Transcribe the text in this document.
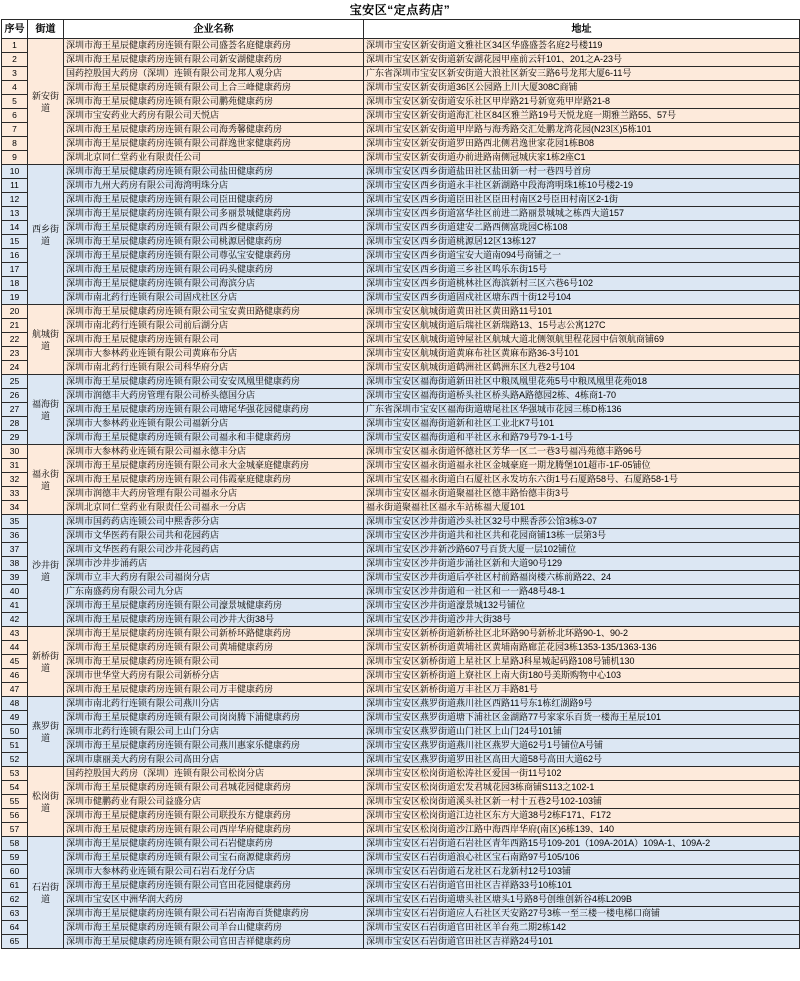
宝安区“定点药店”
序号	街道	企业名称	地址
1	新安街道	深圳市海王星辰健康药房连锁有限公司盛荟名庭健康药房	深圳市宝安区新安街道文雅社区34区华盛盛荟名庭2号楼119
2		深圳市海王星辰健康药房连锁有限公司新安湖健康药房	深圳市宝安区新安街道新安湖花园甲座前云轩101、201之A-23号
3		国药控股国大药房（深圳）连锁有限公司龙邦人观分店	广东省深圳市宝安区新安街道大浪社区新安三路6号龙邦大厦6-11号
4		深圳市海王星辰健康药房连锁有限公司上合三峰健康药房	深圳市宝安区新安街道36区公园路上川大厦308C商铺
5		深圳市海王星辰健康药房连锁有限公司鹏苑健康药房	深圳市宝安区新安街道安乐社区甲岸路21号新宽苑甲岸路21-8
6		深圳市宝安药业大药房有限公司天悦店	深圳市宝安区新安街道海汇社区84区雅兰路19号天悦龙庭一期雅兰路55、57号
7		深圳市海王星辰健康药房连锁有限公司海秀馨健康药房	深圳市宝安区新安街道甲岸路与海秀路交汇处鹏龙湾花园(N23区)5栋101
8		深圳市海王星辰健康药房连锁有限公司群逸世家健康药房	深圳市宝安区新安街道罗田路西北侧君逸世家花园1栋B08
9		深圳北京同仁堂药业有限责任公司	深圳市宝安区新安街道办前进路南侧冠城庆家1栋2座C1
10	西乡街道	深圳市海王星辰健康药房连锁有限公司盐田健康药房	深圳市宝安区西乡街道盐田社区盐田新一村一巷四号首房
11		深圳市九州大药房有限公司海湾明珠分店	深圳市宝安区西乡街道永丰社区新湖路中段海湾明珠1栋10号楼2-19
12		深圳市海王星辰健康药房连锁有限公司臣田健康药房	深圳市宝安区西乡街道臣田社区臣田村南区2号臣田村南区2-1街
13		深圳市海王星辰健康药房连锁有限公司多丽景城健康药房	深圳市宝安区西乡街道富华社区前进二路丽景城城之栋西大道157
14		深圳市海王星辰健康药房连锁有限公司西乡健康药房	深圳市宝安区西乡街道建安二路西侧富珑园C栋108
15		深圳市海王星辰健康药房连锁有限公司桃源居健康药房	深圳市宝安区西乡街道桃源居12区13栋127
16		深圳市海王星辰健康药房连锁有限公司尊弘宝安健康药房	深圳市宝安区西乡街道宝安大道南094号商铺之一
17		深圳市海王星辰健康药房连锁有限公司码头健康药房	深圳市宝安区西乡街道三乡社区鸣乐东街15号
18		深圳市海王星辰健康药房连锁有限公司海滨分店	深圳市宝安区西乡街道桃林社区海滨新村三区六巷6号102
19		深圳市南北药行连锁有限公司固戍社区分店	深圳市宝安区西乡街道固戍社区塘东西十街12号104
20	航城街道	深圳市海王星辰健康药房连锁有限公司宝安黄田路健康药房	深圳市宝安区航城街道黄田社区黄田路11号101
21		深圳市南北药行连锁有限公司前后湖分店	深圳市宝安区航城街道后瑞社区新瑞路13、15号志公寓127C
22		深圳市海王星辰健康药房连锁有限公司	深圳市宝安区航城街道钟屋社区航城大道北侧领航里程花园中信领航商铺69
23		深圳市大参林药业连锁有限公司黄麻布分店	深圳市宝安区航城街道黄麻布社区黄麻布路36-3号101
24		深圳市南北药行连锁有限公司科华府分店	深圳市宝安区航城街道鹤洲社区鹤洲东区九巷2号104
25	福海街道	深圳市海王星辰健康药房连锁有限公司安安凤凰里健康药房	深圳市宝安区福海街道新田社区中粮凤凰里花苑5号中粮凤凰里花苑018
26		深圳市润德丰大药房管理有限公司桥头德国分店	深圳市宝安区福海街道桥头社区桥头路A路德园2栋、4栋商1-70
27		深圳市海王星辰健康药房连锁有限公司塘尾华强花园健康药房	广东省深圳市宝安区福海街道塘尾社区华强城市花园三栋D栋136
28		深圳市大参林药业连锁有限公司福新分店	深圳市宝安区福海街道新和社区工业北K7号101
29		深圳市海王星辰健康药房连锁有限公司福永和丰健康药房	深圳市宝安区福海街道和平社区永和路79号79-1-1号
30	福永街道	深圳市大参林药业连锁有限公司福永德丰分店	深圳市宝安区福永街道怀德社区芳华一区二一巷3号福冯苑德丰路96号
31		深圳市海王星辰健康药房连锁有限公司永大金城豪庭健康药房	深圳市宝安区福永街道福永社区金城豪庭一期龙腾堡101超市-1F-05铺位
32		深圳市海王星辰健康药房连锁有限公司伟霞豪庭健康药房	深圳市宝安区福永街道白石厦社区永发坊东六街1号石厦路58号、石厦路58-1号
33		深圳市润德丰大药房管理有限公司福永分店	深圳市宝安区福永街道聚福社区德丰路怡德丰街3号
34		深圳北京同仁堂药业有限责任公司福永一分店	福永街道聚福社区福永车站栋福大厦101
35	沙井街道	深圳市国药药店连锁公司中熙香莎分店	深圳市宝安区沙井街道沙头社区32号中熙香莎公馆3栋3-07
36		深圳市文华医药有限公司共和花园药店	深圳市宝安区沙井街道共和社区共和花园商铺13栋一层第3号
37		深圳市文华医药有限公司沙井花园药店	深圳市宝安区沙井新沙路607号百货大厦一层102铺位
38		深圳市沙井步涌药店	深圳市宝安区沙井街道步涌社区新和大道90号129
39		深圳市立丰大药房有限公司福岗分店	深圳市宝安区沙井街道后亭社区村前路福岗楼六栋前路22、24
40		广东南盛药房有限公司九分店	深圳市宝安区沙井街道和一社区和一一路48号48-1
41		深圳市海王星辰健康药房连锁有限公司濠景城健康药房	深圳市宝安区沙井街道濠景城132号铺位
42		深圳市海王星辰健康药房连锁有限公司沙井大街38号	深圳市宝安区沙井街道沙井大街38号
43	新桥街道	深圳市海王星辰健康药房连锁有限公司新桥环路健康药房	深圳市宝安区新桥街道新桥社区北环路90号新桥北环路90-1、90-2
44		深圳市海王星辰健康药房连锁有限公司黄埔健康药房	深圳市宝安区新桥街道黄埔社区黄埔南路廊芷花园3栋1353-135/1363-136
45		深圳市海王星辰健康药房连锁有限公司	深圳市宝安区新桥街道上星社区上星路J科星城起码路108号铺机130
46		深圳市世华堂大药房有限公司新桥分店	深圳市宝安区新桥街道上寮社区上南大街180号美斯购物中心103
47		深圳市海王星辰健康药房连锁有限公司万丰健康药房	深圳市宝安区新桥街道万丰社区万丰路81号
48	燕罗街道	深圳市南北药行连锁有限公司燕川分店	深圳市宝安区燕罗街道燕川社区西路11号东1栋红湖路9号
49		深圳市海王星辰健康药房连锁有限公司岗岗腾下浦健康药房	深圳市宝安区燕罗街道塘下浦社区金湖路77号家家乐百货一楼海王星辰101
50		深圳市北药行连锁有限公司上山门分店	深圳市宝安区燕罗街道山门社区上山门24号101铺
51		深圳市海王星辰健康药房连锁有限公司燕川惠家乐健康药房	深圳市宝安区燕罗街道燕川社区燕罗大道62号1号铺位A号铺
52		深圳市康丽美大药房有限公司高田分店	深圳市宝安区燕罗街道罗田社区高田大道58号高田大道62号
53	松岗街道	国药控股国大药房（深圳）连锁有限公司松岗分店	深圳市宝安区松岗街道松涛社区爱国一街11号102
54		深圳市海王星辰健康药房连锁有限公司君城花园健康药房	深圳市宝安区松岗街道宏发君城花园3栋商铺S113之102-1
55		深圳市健鹏药业有限公司益盛分店	深圳市宝安区松岗街道溪头社区新一村十五巷2号102-103铺
56		深圳市海王星辰健康药房连锁有限公司联投东方健康药房	深圳市宝安区松岗街道江边社区东方大道38号2栋F171、F172
57		深圳市海王星辰健康药房连锁有限公司西岸华府健康药房	深圳市宝安区松岗街道沙江路中海西岸华府(南区)6栋139、140
58	石岩街道	深圳市海王星辰健康药房连锁有限公司石岩健康药房	深圳市宝安区石岩街道石岩社区青年西路15号109-201（109A-201A）109A-1、109A-2
59		深圳市海王星辰健康药房连锁有限公司宝石商源健康药房	深圳市宝安区石岩街道浪心社区宝石南路97号105/106
60		深圳市大参林药业连锁有限公司石岩石龙仔分店	深圳市宝安区石岩街道石龙社区石龙新村12号103铺
61		深圳市海王星辰健康药房连锁有限公司官田花园健康药房	深圳市宝安区石岩街道官田社区吉祥路33号10栋101
62		深圳市宝安区中洲华润大药房	深圳市宝安区石岩街道塘头社区塘头1号路8号创维创新谷4栋L209B
63		深圳市海王星辰健康药房连锁有限公司石岩南海百货健康药房	深圳市宝安区石岩街道应人石社区天安路27号3栋一至三楼一楼电梯口商铺
64		深圳市海王星辰健康药房连锁有限公司羊台山健康药房	深圳市宝安区石岩街道官田社区羊台苑二期2栋142
65		深圳市海王星辰健康药房连锁有限公司官田吉祥健康药房	深圳市宝安区石岩街道官田社区吉祥路24号101
